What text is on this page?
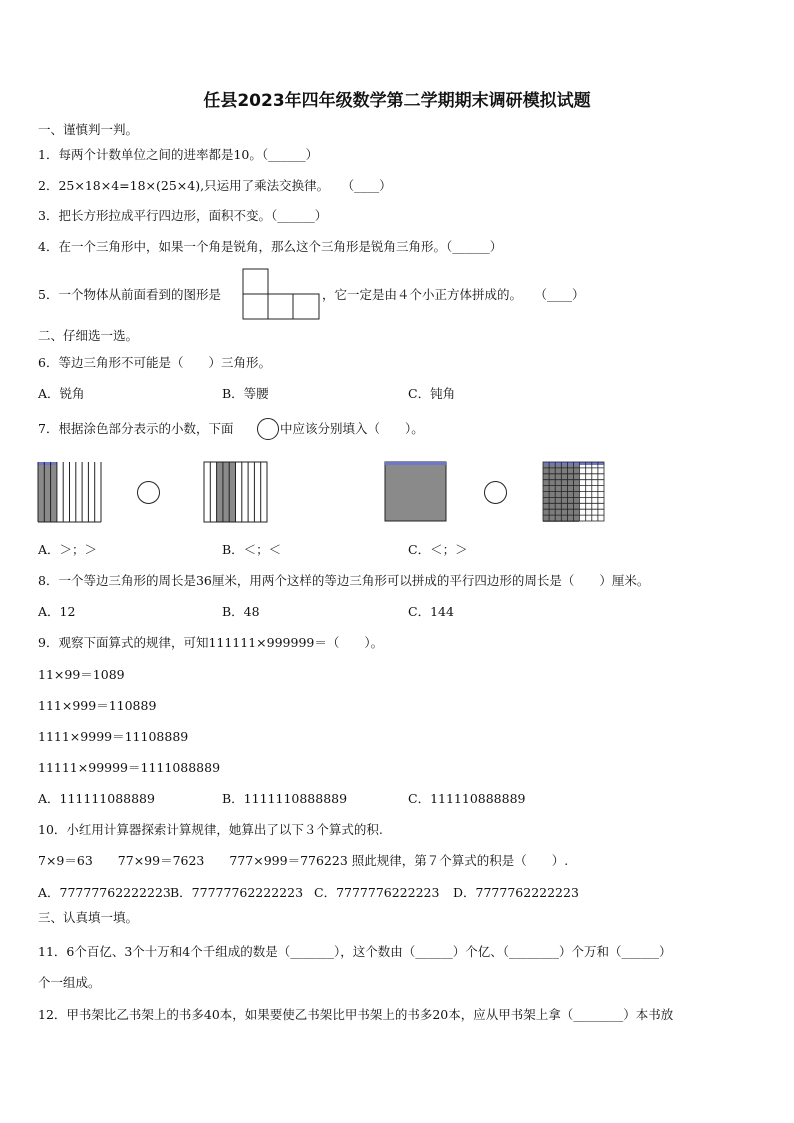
任县2023年四年级数学第二学期期末调研模拟试题
一、谨慎判一判。
1．每两个计数单位之间的进率都是10。（______）
2．25×18×4=18×(25×4),只运用了乘法交换律。　　（____）
3．把长方形拉成平行四边形，面积不变。（______）
4．在一个三角形中，如果一个角是锐角，那么这个三角形是锐角三角形。（______）
5．一个物体从前面看到的图形是	，它一定是由４个小正方体拼成的。　　（____）
二、仔细选一选。
6．等边三角形不可能是（　　）三角形。
A．锐角	B．等腰	C．钝角
7．根据涂色部分表示的小数，下面	中应该分别填入（　　）。
A．＞；＞	B．＜；＜	C．＜；＞
8．一个等边三角形的周长是36厘米，用两个这样的等边三角形可以拼成的平行四边形的周长是（　　）厘米。
A．12	B．48	C．144
9．观察下面算式的规律，可知111111×999999＝（　　）。
11×99＝1089
111×999＝110889
1111×9999＝11108889
11111×99999＝1111088889
A．111111088889	B．1111110888889	C．111110888889
10．小红用计算器探索计算规律，她算出了以下３个算式的积.
7×9＝63　　77×99＝7623　　777×999＝776223 照此规律，第７个算式的积是（　　）.
A．77777762222223 B．77777762222223 C．7777776222223 D．7777762222223
三、认真填一填。
11．6个百亿、3个十万和4个千组成的数是（_______），这个数由（______）个亿、（________）个万和（______）
个一组成。
12．甲书架比乙书架上的书多40本，如果要使乙书架比甲书架上的书多20本，应从甲书架上拿（________）本书放
